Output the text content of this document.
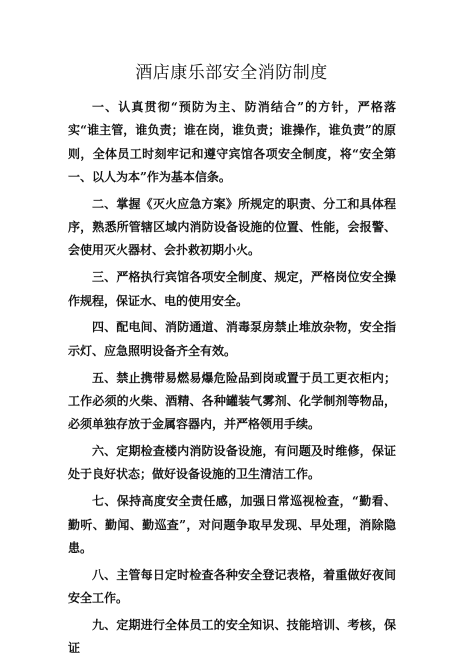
酒店康乐部安全消防制度

一、认真贯彻“预防为主、防消结合”的方针，严格落实“谁主管，谁负责；谁在岗，谁负责；谁操作，谁负责”的原则，全体员工时刻牢记和遵守宾馆各项安全制度，将“安全第一、以人为本”作为基本信条。

二、掌握《灭火应急方案》所规定的职责、分工和具体程序，熟悉所管辖区域内消防设备设施的位置、性能，会报警、会使用灭火器材、会扑救初期小火。

三、严格执行宾馆各项安全制度、规定，严格岗位安全操作规程，保证水、电的使用安全。

四、配电间、消防通道、消毒泵房禁止堆放杂物，安全指示灯、应急照明设备齐全有效。

五、禁止携带易燃易爆危险品到岗或置于员工更衣柜内；工作必须的火柴、酒精、各种罐装气雾剂、化学制剂等物品，必须单独存放于金属容器内，并严格领用手续。

六、定期检查楼内消防设备设施，有问题及时维修，保证处于良好状态；做好设备设施的卫生清洁工作。

七、保持高度安全责任感，加强日常巡视检查，“勤看、勤听、勤闻、勤巡查”，对问题争取早发现、早处理，消除隐患。

八、主管每日定时检查各种安全登记表格，着重做好夜间安全工作。

九、定期进行全体员工的安全知识、技能培训、考核，保证
